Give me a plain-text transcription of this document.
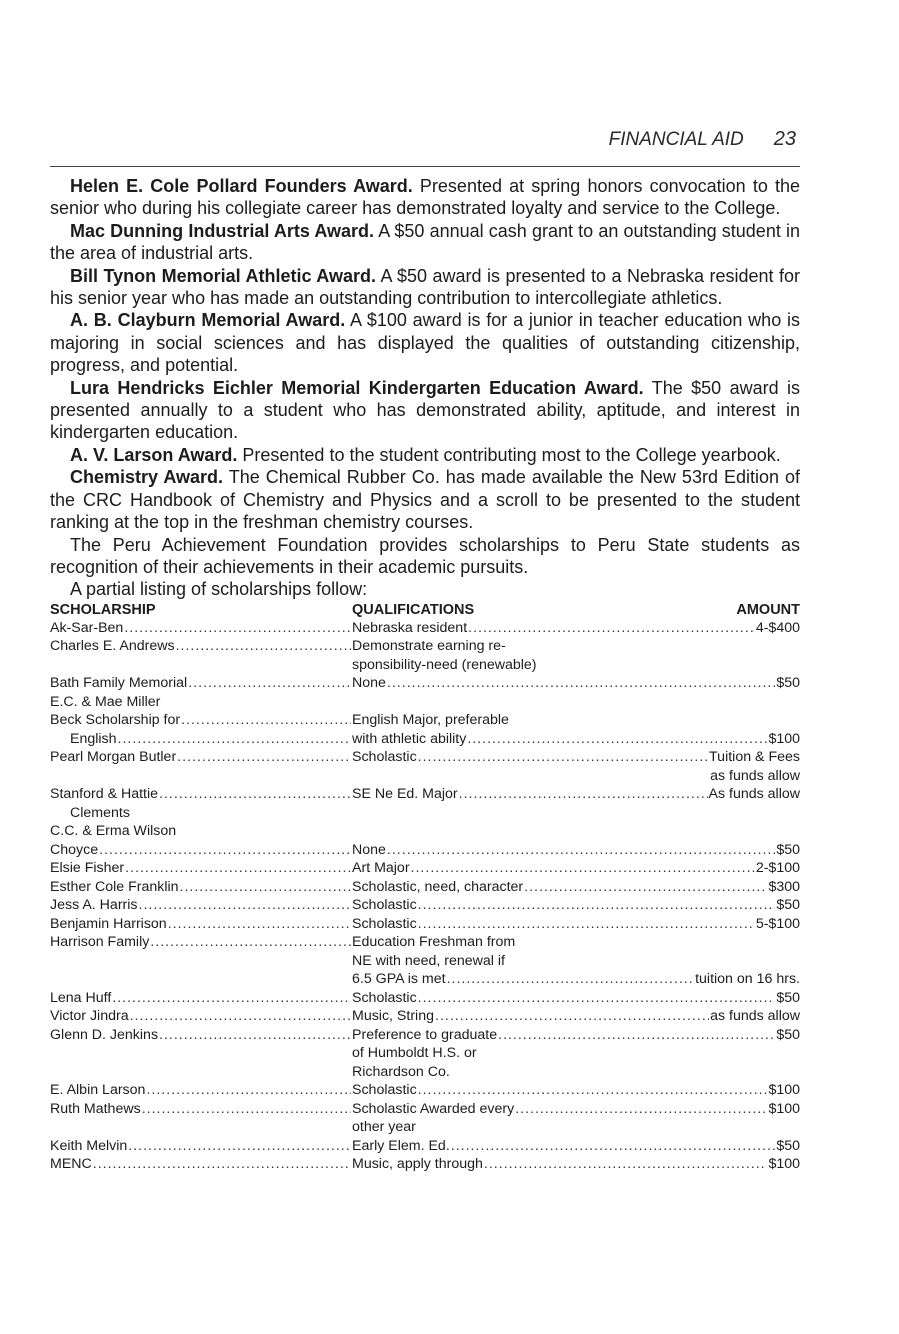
FINANCIAL AID 23

Helen E. Cole Pollard Founders Award. Presented at spring honors convocation to the senior who during his collegiate career has demonstrated loyalty and service to the College.

Mac Dunning Industrial Arts Award. A $50 annual cash grant to an outstanding student in the area of industrial arts.

Bill Tynon Memorial Athletic Award. A $50 award is presented to a Nebraska resident for his senior year who has made an outstanding contribution to intercollegiate athletics.

A. B. Clayburn Memorial Award. A $100 award is for a junior in teacher education who is majoring in social sciences and has displayed the qualities of outstanding citizenship, progress, and potential.

Lura Hendricks Eichler Memorial Kindergarten Education Award. The $50 award is presented annually to a student who has demonstrated ability, aptitude, and interest in kindergarten education.

A. V. Larson Award. Presented to the student contributing most to the College yearbook.

Chemistry Award. The Chemical Rubber Co. has made available the New 53rd Edition of the CRC Handbook of Chemistry and Physics and a scroll to be presented to the student ranking at the top in the freshman chemistry courses.

The Peru Achievement Foundation provides scholarships to Peru State students as recognition of their achievements in their academic pursuits.

A partial listing of scholarships follow:

SCHOLARSHIP	QUALIFICATIONS	AMOUNT
Ak-Sar-Ben .....	Nebraska resident .....	4-$400
Charles E. Andrews .....	Demonstrate earning re-
sponsibility-need (renewable)
Bath Family Memorial .....	None .....	$50
E.C. & Mae Miller
Beck Scholarship for .....	English Major, preferable
English .....	with athletic ability .....	$100
Pearl Morgan Butler .....	Scholastic .....	Tuition & Fees
as funds allow
Stanford & Hattie .....	SE Ne Ed. Major .....	As funds allow
Clements
C.C. & Erma Wilson
Choyce .....	None .....	$50
Elsie Fisher .....	Art Major .....	2-$100
Esther Cole Franklin .....	Scholastic, need, character .....	$300
Jess A. Harris .....	Scholastic .....	$50
Benjamin Harrison .....	Scholastic .....	5-$100
Harrison Family .....	Education Freshman from
NE with need, renewal if
6.5 GPA is met .....	tuition on 16 hrs.
Lena Huff .....	Scholastic .....	$50
Victor Jindra .....	Music, String .....	as funds allow
Glenn D. Jenkins .....	Preference to graduate .....	$50
of Humboldt H.S. or
Richardson Co.
E. Albin Larson .....	Scholastic .....	$100
Ruth Mathews .....	Scholastic Awarded every .....	$100
other year
Keith Melvin .....	Early Elem. Ed. .....	$50
MENC .....	Music, apply through .....	$100
